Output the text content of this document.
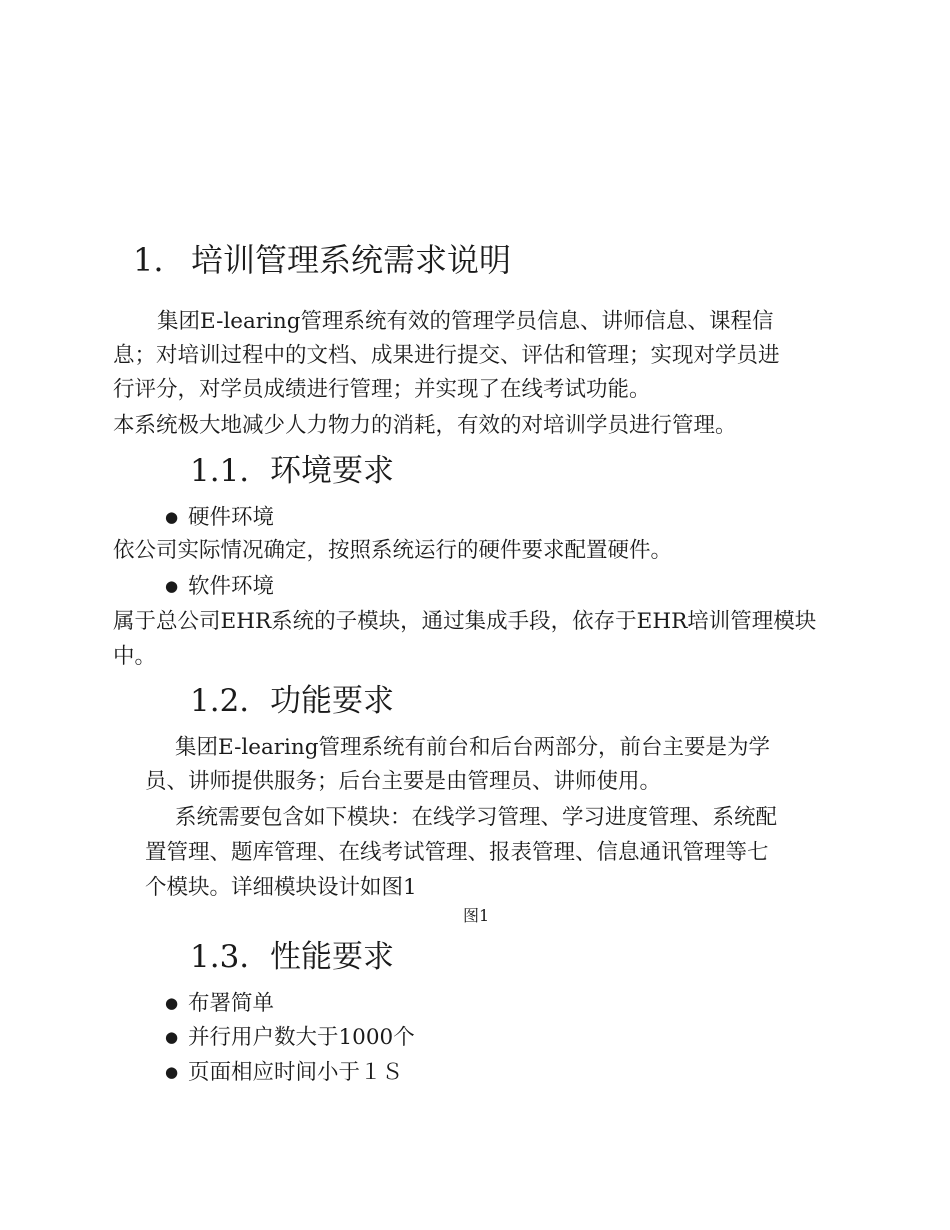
1. 培训管理系统需求说明
集团E-learing管理系统有效的管理学员信息、讲师信息、课程信
息；对培训过程中的文档、成果进行提交、评估和管理；实现对学员进
行评分，对学员成绩进行管理；并实现了在线考试功能。
本系统极大地减少人力物力的消耗，有效的对培训学员进行管理。
1.1. 环境要求
● 硬件环境
依公司实际情况确定，按照系统运行的硬件要求配置硬件。
● 软件环境
属于总公司EHR系统的子模块，通过集成手段，依存于EHR培训管理模块
中。
1.2. 功能要求
集团E-learing管理系统有前台和后台两部分，前台主要是为学
员、讲师提供服务；后台主要是由管理员、讲师使用。
系统需要包含如下模块：在线学习管理、学习进度管理、系统配
置管理、题库管理、在线考试管理、报表管理、信息通讯管理等七
个模块。详细模块设计如图1
图1
1.3. 性能要求
● 布署简单
● 并行用户数大于1000个
● 页面相应时间小于１Ｓ
